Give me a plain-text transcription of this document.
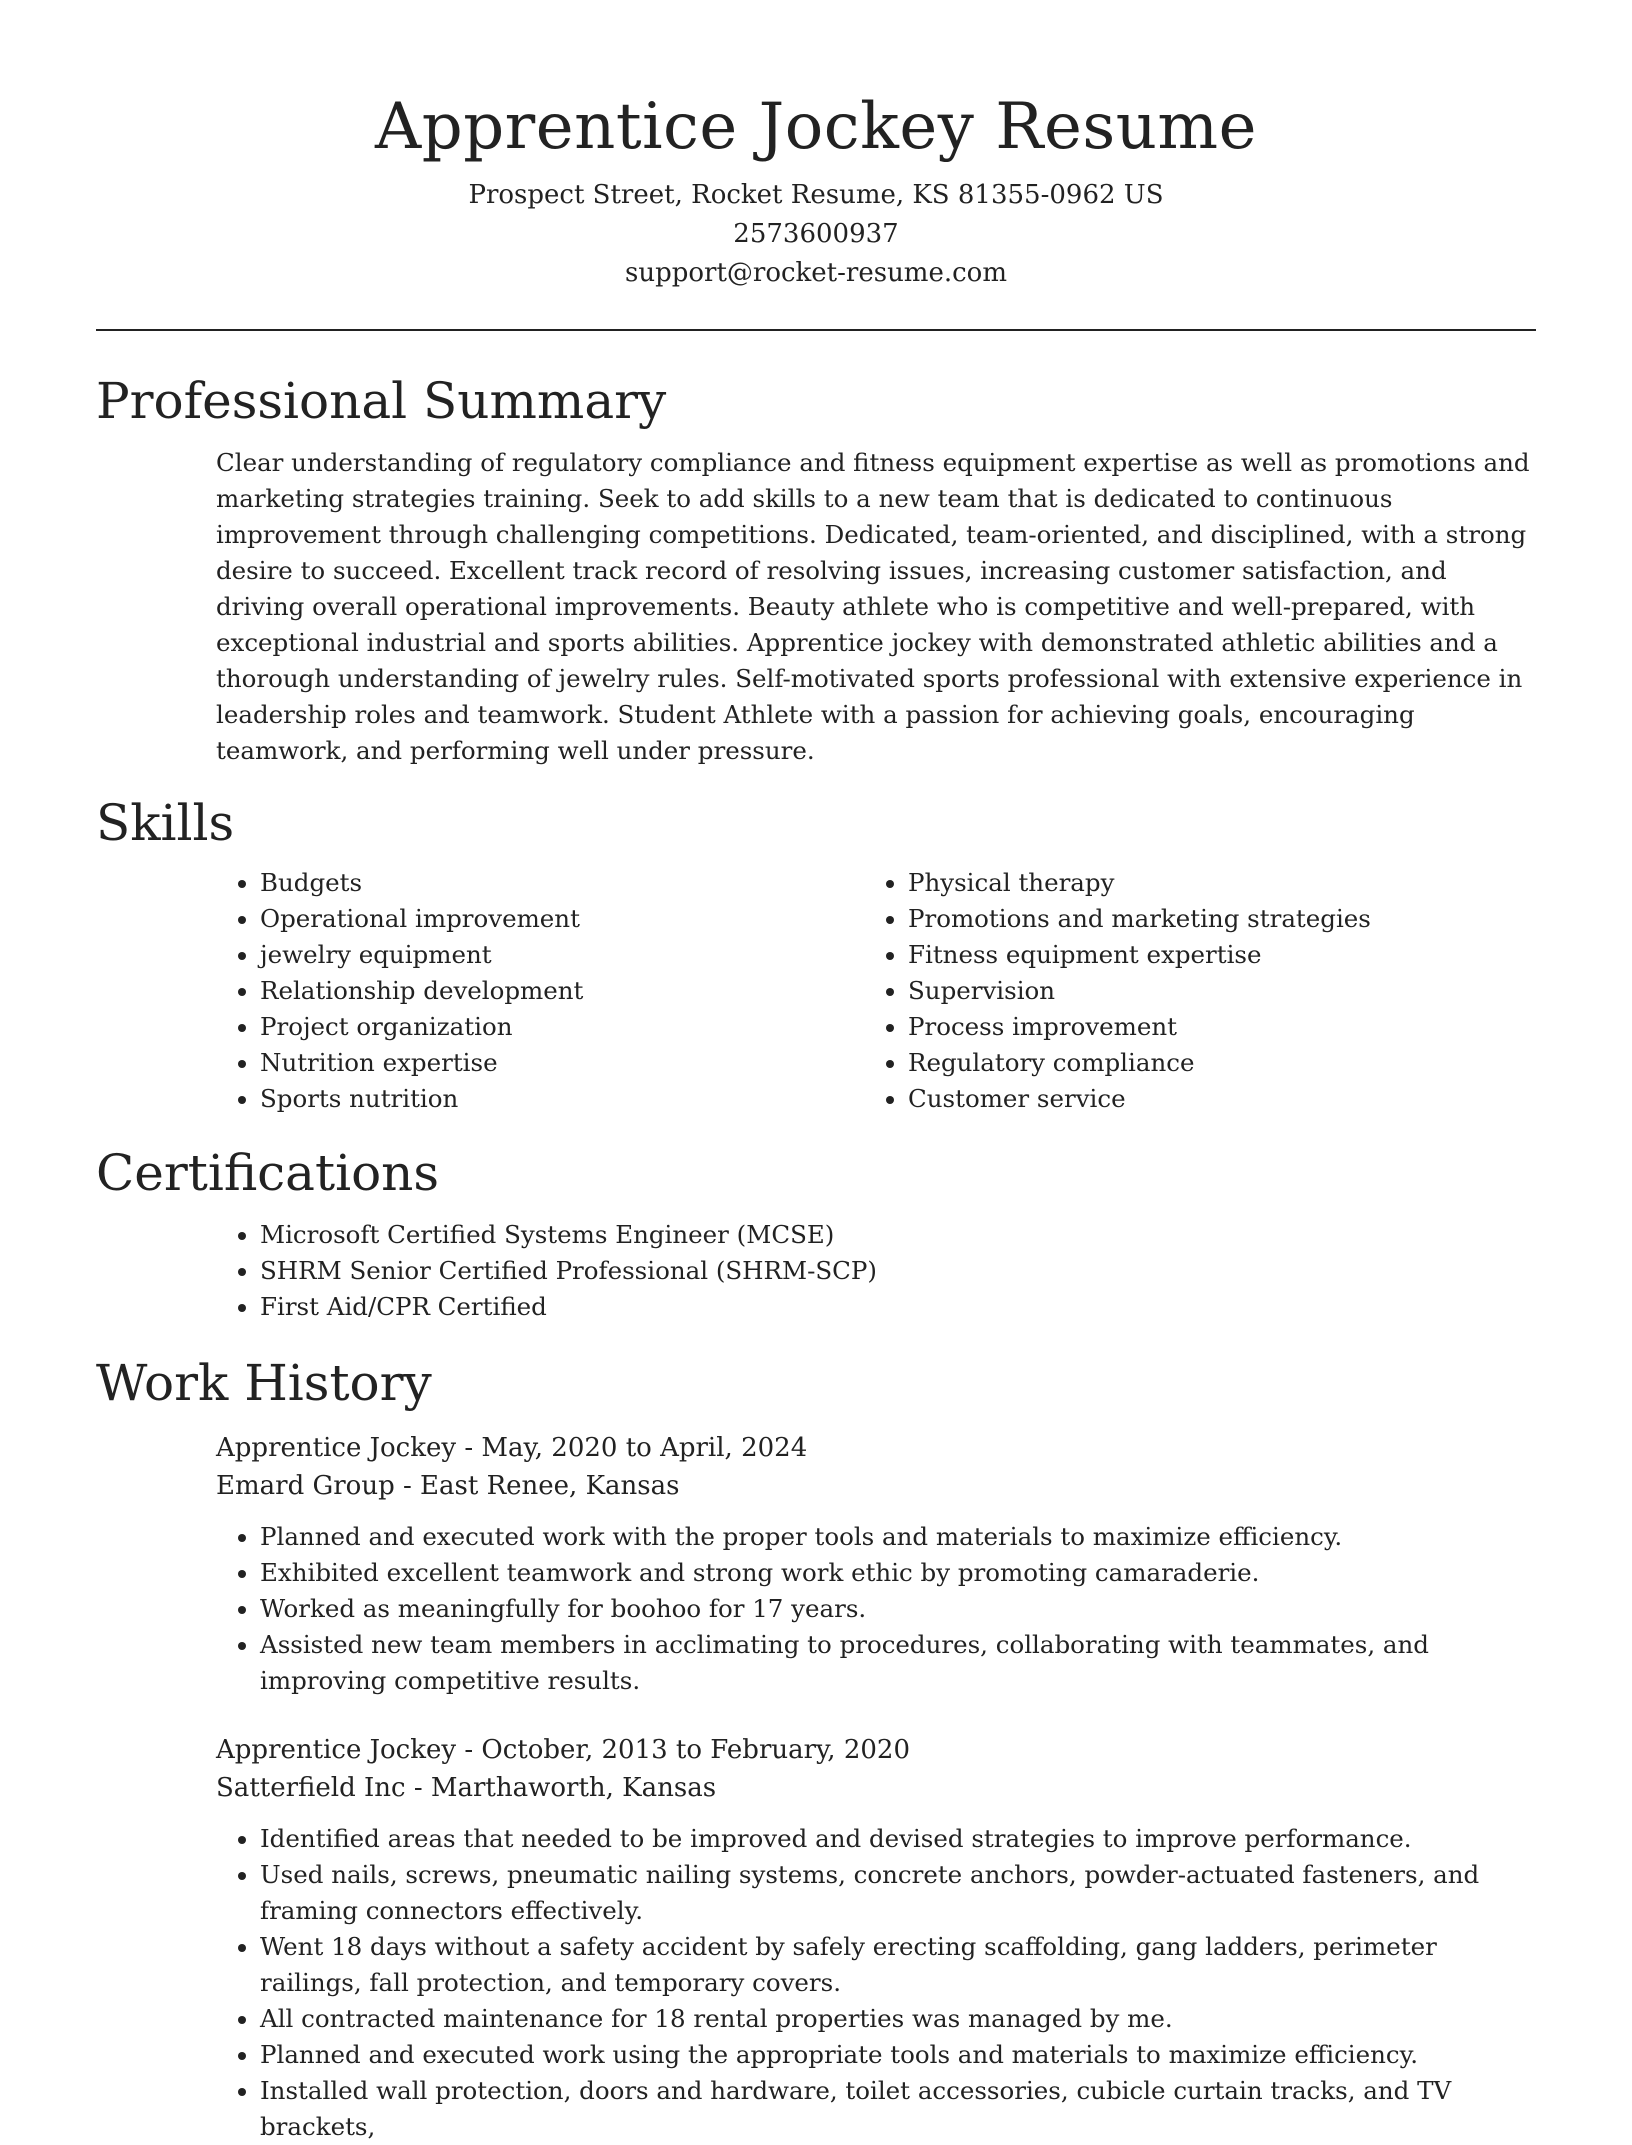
Apprentice Jockey Resume
Prospect Street, Rocket Resume, KS 81355-0962 US
2573600937
support@rocket-resume.com
Professional Summary

Clear understanding of regulatory compliance and fitness equipment expertise as well as promotions and marketing strategies training. Seek to add skills to a new team that is dedicated to continuous improvement through challenging competitions. Dedicated, team-oriented, and disciplined, with a strong desire to succeed. Excellent track record of resolving issues, increasing customer satisfaction, and driving overall operational improvements. Beauty athlete who is competitive and well-prepared, with exceptional industrial and sports abilities. Apprentice jockey with demonstrated athletic abilities and a thorough understanding of jewelry rules. Self-motivated sports professional with extensive experience in leadership roles and teamwork. Student Athlete with a passion for achieving goals, encouraging teamwork, and performing well under pressure.

Skills
• Budgets
• Operational improvement
• jewelry equipment
• Relationship development
• Project organization
• Nutrition expertise
• Sports nutrition
• Physical therapy
• Promotions and marketing strategies
• Fitness equipment expertise
• Supervision
• Process improvement
• Regulatory compliance
• Customer service
Certifications
• Microsoft Certified Systems Engineer (MCSE)
• SHRM Senior Certified Professional (SHRM-SCP)
• First Aid/CPR Certified
Work History
Apprentice Jockey - May, 2020 to April, 2024
Emard Group - East Renee, Kansas
• Planned and executed work with the proper tools and materials to maximize efficiency.
• Exhibited excellent teamwork and strong work ethic by promoting camaraderie.
• Worked as meaningfully for boohoo for 17 years.
• Assisted new team members in acclimating to procedures, collaborating with teammates, and improving competitive results.
Apprentice Jockey - October, 2013 to February, 2020
Satterfield Inc - Marthaworth, Kansas
• Identified areas that needed to be improved and devised strategies to improve performance.
• Used nails, screws, pneumatic nailing systems, concrete anchors, powder-actuated fasteners, and framing connectors effectively.
• Went 18 days without a safety accident by safely erecting scaffolding, gang ladders, perimeter railings, fall protection, and temporary covers.
• All contracted maintenance for 18 rental properties was managed by me.
• Planned and executed work using the appropriate tools and materials to maximize efficiency.
• Installed wall protection, doors and hardware, toilet accessories, cubicle curtain tracks, and TV brackets,
